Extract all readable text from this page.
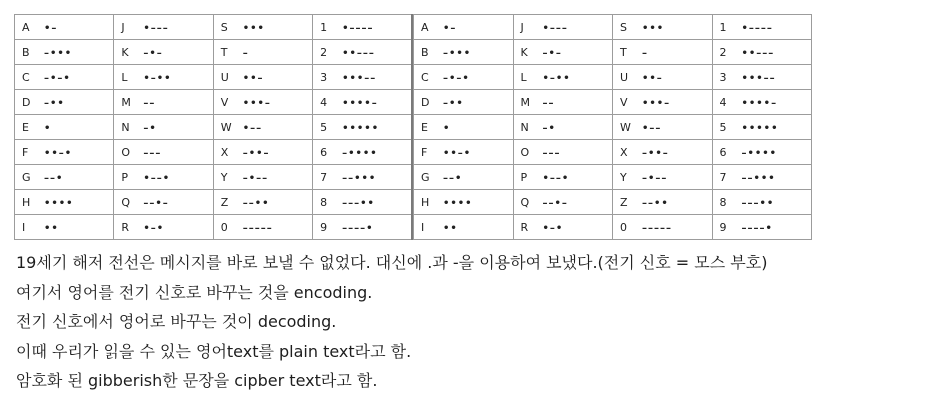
A •–	J •–––	S •••	1 •––––
B –•••	K –•–	T –	2 ••–––
C –•–•	L •–••	U ••–	3 •••––
D –••	M ––	V •••–	4 ••••–
E •	N –•	W •––	5 •••••
F ••–•	O –––	X –••–	6 –••••
G ––•	P •––•	Y –•––	7 ––•••
H ••••	Q ––•–	Z ––••	8 –––••
I ••	R •–•	0 –––––	9 ––––•
A •–	J •–––	S •••	1 •––––
B –•••	K –•–	T –	2 ••–––
C –•–•	L •–••	U ••–	3 •••––
D –••	M ––	V •••–	4 ••••–
E •	N –•	W •––	5 •••••
F ••–•	O –––	X –••–	6 –••••
G ––•	P •––•	Y –•––	7 ––•••
H ••••	Q ––•–	Z ––••	8 –––••
I ••	R •–•	0 –––––	9 ––––•

19세기 해저 전선은 메시지를 바로 보낼 수 없었다. 대신에 .과 -을 이용하여 보냈다.(전기 신호 = 모스 부호)

여기서 영어를 전기 신호로 바꾸는 것을 encoding.

전기 신호에서 영어로 바꾸는 것이 decoding.

이때 우리가 읽을 수 있는 영어text를 plain text라고 함.

암호화 된 gibberish한 문장을 cipber text라고 함.
